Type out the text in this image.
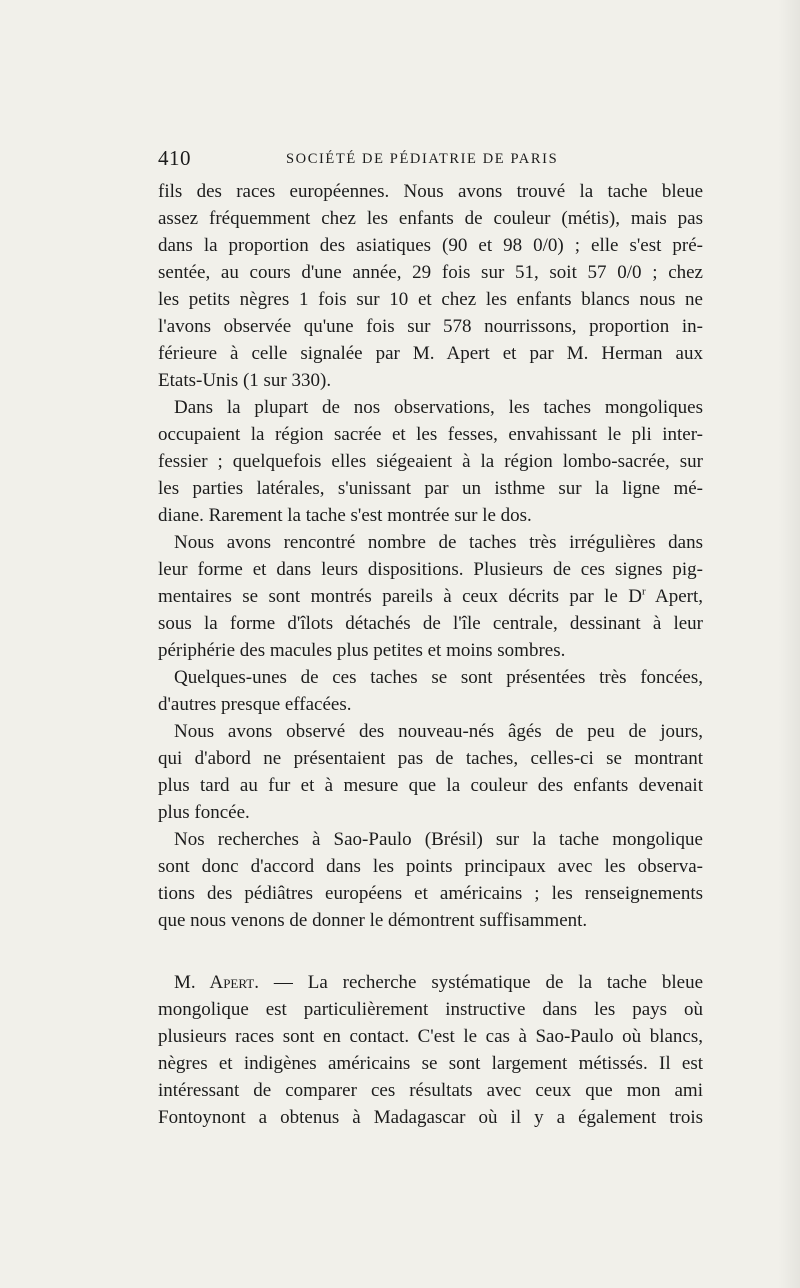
410	SOCIÉTÉ DE PÉDIATRIE DE PARIS
fils des races européennes. Nous avons trouvé la tache bleue
assez fréquemment chez les enfants de couleur (métis), mais pas
dans la proportion des asiatiques (90 et 98 0/0) ; elle s'est pré-
sentée, au cours d'une année, 29 fois sur 51, soit 57 0/0 ; chez
les petits nègres 1 fois sur 10 et chez les enfants blancs nous ne
l'avons observée qu'une fois sur 578 nourrissons, proportion in-
férieure à celle signalée par M. Apert et par M. Herman aux
Etats-Unis (1 sur 330).
Dans la plupart de nos observations, les taches mongoliques
occupaient la région sacrée et les fesses, envahissant le pli inter-
fessier ; quelquefois elles siégeaient à la région lombo-sacrée, sur
les parties latérales, s'unissant par un isthme sur la ligne mé-
diane. Rarement la tache s'est montrée sur le dos.
Nous avons rencontré nombre de taches très irrégulières dans
leur forme et dans leurs dispositions. Plusieurs de ces signes pig-
mentaires se sont montrés pareils à ceux décrits par le $D^r$ Apert,
sous la forme d'îlots détachés de l'île centrale, dessinant à leur
périphérie des macules plus petites et moins sombres.
Quelques-unes de ces taches se sont présentées très foncées,
d'autres presque effacées.
Nous avons observé des nouveau-nés âgés de peu de jours,
qui d'abord ne présentaient pas de taches, celles-ci se montrant
plus tard au fur et à mesure que la couleur des enfants devenait
plus foncée.
Nos recherches à Sao-Paulo (Brésil) sur la tache mongolique
sont donc d'accord dans les points principaux avec les observa-
tions des pédiâtres européens et américains ; les renseignements
que nous venons de donner le démontrent suffisamment.
M. Apert. — La recherche systématique de la tache bleue
mongolique est particulièrement instructive dans les pays où
plusieurs races sont en contact. C'est le cas à Sao-Paulo où blancs,
nègres et indigènes américains se sont largement métissés. Il est
intéressant de comparer ces résultats avec ceux que mon ami
Fontoynont a obtenus à Madagascar où il y a également trois
